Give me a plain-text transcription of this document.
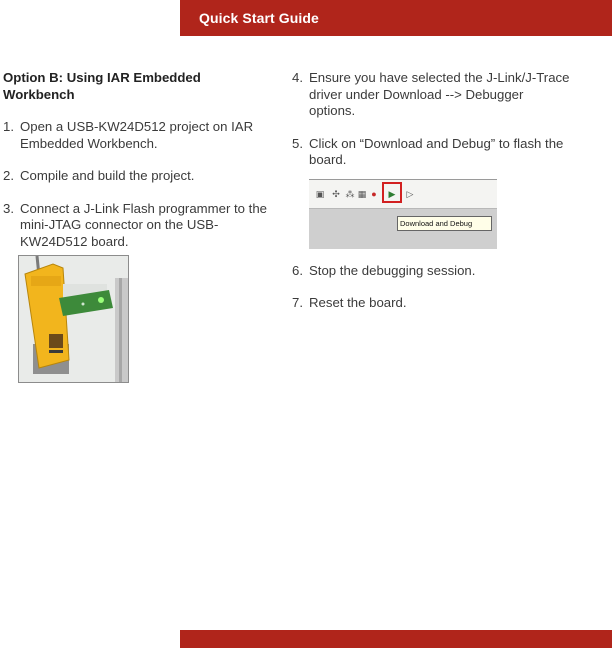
Quick Start Guide
Option B: Using IAR Embedded Workbench
1. Open a USB-KW24D512 project on IAR Embedded Workbench.
2. Compile and build the project.
3. Connect a J-Link Flash programmer to the mini-JTAG connector on the USB-KW24D512 board.
4. Ensure you have selected the J-Link/J-Trace driver under Download --> Debugger options.
5. Click on “Download and Debug” to flash the board.
▣ ✣ ⁂ ▦ ● ▶ ▷
Download and Debug
6. Stop the debugging session.
7. Reset the board.
